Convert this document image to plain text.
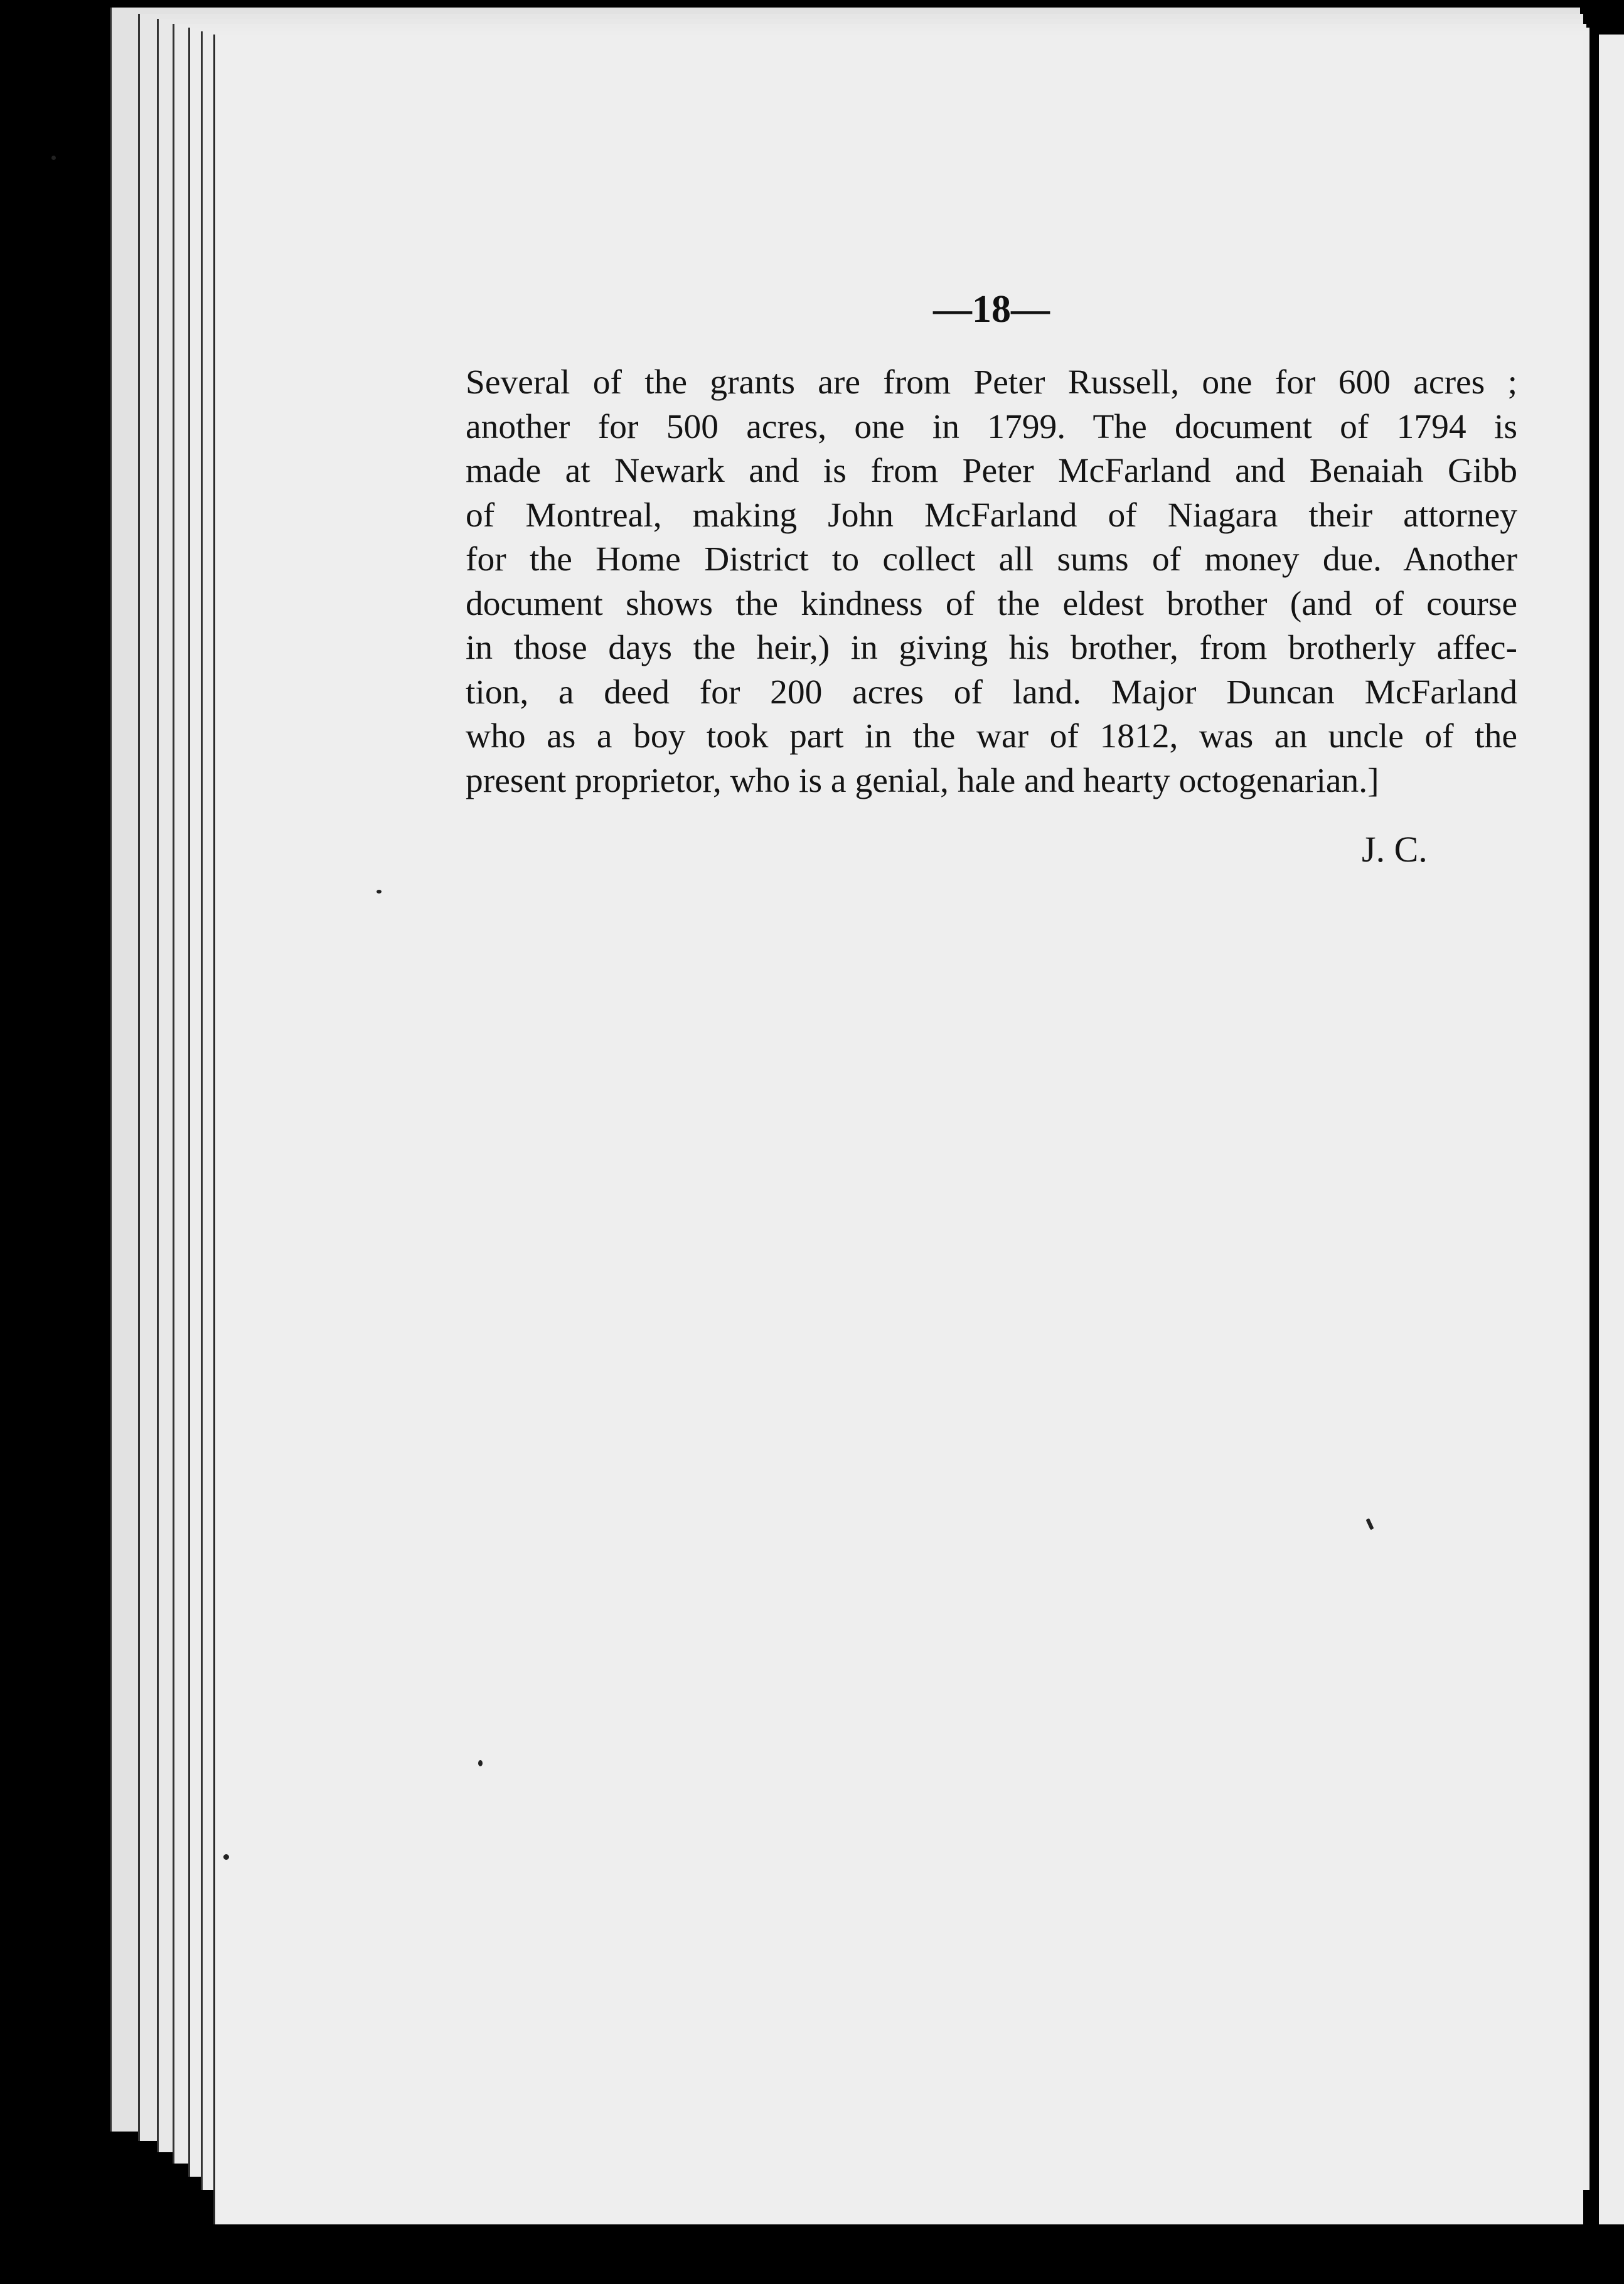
—18—
Several of the grants are from Peter Russell, one for 600 acres ;
another for 500 acres, one in 1799. The document of 1794 is
made at Newark and is from Peter McFarland and Benaiah Gibb
of Montreal, making John McFarland of Niagara their attorney
for the Home District to collect all sums of money due. Another
document shows the kindness of the eldest brother (and of course
in those days the heir,) in giving his brother, from brotherly affec-
tion, a deed for 200 acres of land. Major Duncan McFarland
who as a boy took part in the war of 1812, was an uncle of the
present proprietor, who is a genial, hale and hearty octogenarian.]
J. C.
